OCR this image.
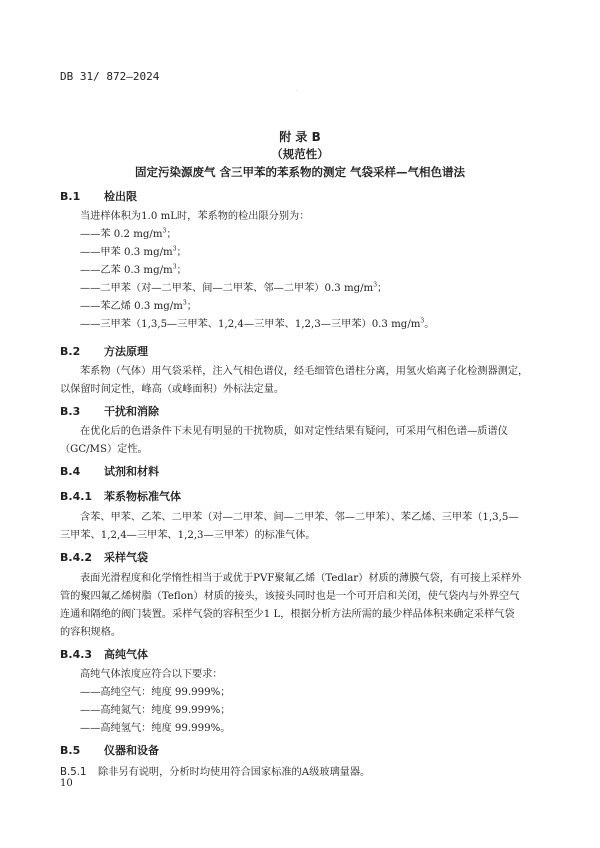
DB 31/ 872—2024
·
附 录 B
（规范性）
固定污染源废气 含三甲苯的苯系物的测定 气袋采样—气相色谱法
B.1 检出限
当进样体积为1.0 mL时，苯系物的检出限分别为：
——苯 0.2 $mg/m^3$；
——甲苯 0.3 $mg/m^3$；
——乙苯 0.3 $mg/m^3$；
——二甲苯（对—二甲苯、间—二甲苯、邻—二甲苯）0.3 $mg/m^3$；
——苯乙烯 0.3 $mg/m^3$；
——三甲苯（1,3,5—三甲苯、1,2,4—三甲苯、1,2,3—三甲苯）0.3 $mg/m^3$。
B.2 方法原理
苯系物（气体）用气袋采样，注入气相色谱仪，经毛细管色谱柱分离，用氢火焰离子化检测器测定，
以保留时间定性，峰高（或峰面积）外标法定量。
B.3 干扰和消除
在优化后的色谱条件下未见有明显的干扰物质，如对定性结果有疑问，可采用气相色谱—质谱仪
（GC/MS）定性。
B.4 试剂和材料
B.4.1 苯系物标准气体
含苯、甲苯、乙苯、二甲苯（对—二甲苯、间—二甲苯、邻—二甲苯）、苯乙烯、三甲苯（1,3,5—
三甲苯、1,2,4—三甲苯、1,2,3—三甲苯）的标准气体。
B.4.2 采样气袋
表面光滑程度和化学惰性相当于或优于PVF聚氟乙烯（Tedlar）材质的薄膜气袋，有可接上采样外
管的聚四氟乙烯树脂（Teflon）材质的接头，该接头同时也是一个可开启和关闭，使气袋内与外界空气
连通和隔绝的阀门装置。采样气袋的容积至少1 L，根据分析方法所需的最少样品体积来确定采样气袋
的容积规格。
B.4.3 高纯气体
高纯气体浓度应符合以下要求：
——高纯空气：纯度 99.999%；
——高纯氮气：纯度 99.999%；
——高纯氢气：纯度 99.999%。
B.5 仪器和设备
B.5.1 除非另有说明，分析时均使用符合国家标准的A级玻璃量器。
10
